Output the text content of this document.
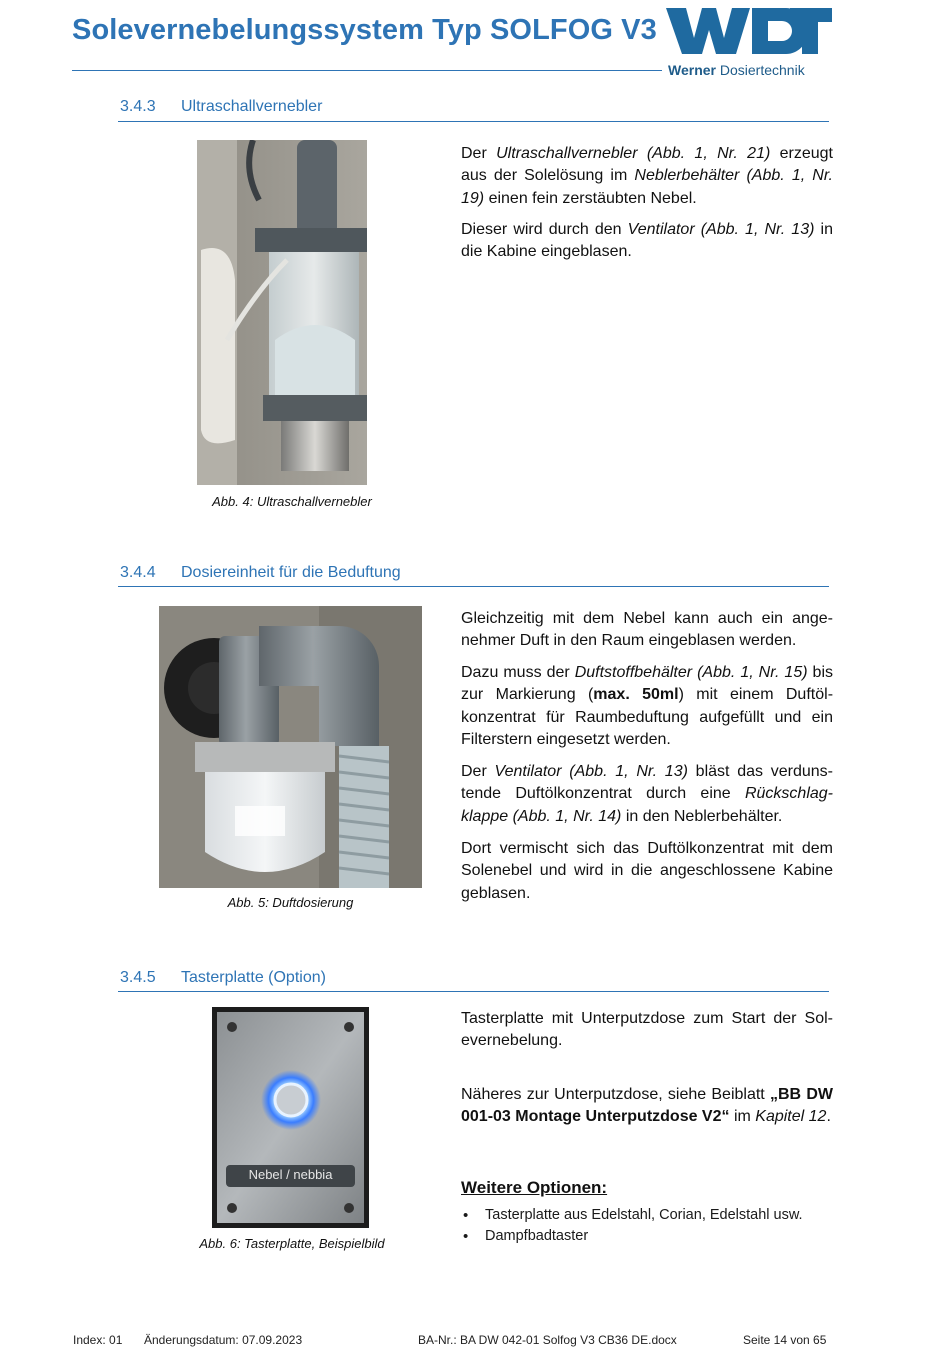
Solevernebelungssystem Typ SOLFOG V3
Werner Dosiertechnik
3.4.3 Ultraschallvernebler
Abb. 4: Ultraschallvernebler
Der Ultraschallvernebler (Abb. 1, Nr. 21) erzeugt aus der Solelösung im Neblerbehälter (Abb. 1, Nr. 19) einen fein zerstäubten Nebel.
Dieser wird durch den Ventilator (Abb. 1, Nr. 13) in die Kabine eingeblasen.
3.4.4 Dosiereinheit für die Beduftung
Abb. 5: Duftdosierung
Gleichzeitig mit dem Nebel kann auch ein angenehmer Duft in den Raum eingeblasen werden.
Dazu muss der Duftstoffbehälter (Abb. 1, Nr. 15) bis zur Markierung (max. 50ml) mit einem Duftölkonzentrat für Raumbeduftung aufgefüllt und ein Filterstern eingesetzt werden.
Der Ventilator (Abb. 1, Nr. 13) bläst das verdunstende Duftölkonzentrat durch eine Rückschlagklappe (Abb. 1, Nr. 14) in den Neblerbehälter.
Dort vermischt sich das Duftölkonzentrat mit dem Solenebel und wird in die angeschlossene Kabine geblasen.
3.4.5 Tasterplatte (Option)
Nebel / nebbia
Abb. 6: Tasterplatte, Beispielbild
Tasterplatte mit Unterputzdose zum Start der Solevernebelung.
Näheres zur Unterputzdose, siehe Beiblatt „BB DW 001-03 Montage Unterputzdose V2“ im Kapitel 12.
Weitere Optionen:
• Tasterplatte aus Edelstahl, Corian, Edelstahl usw.
• Dampfbadtaster
Index: 01 Änderungsdatum: 07.09.2023	BA-Nr.: BA DW 042-01 Solfog V3 CB36 DE.docx	Seite 14 von 65
